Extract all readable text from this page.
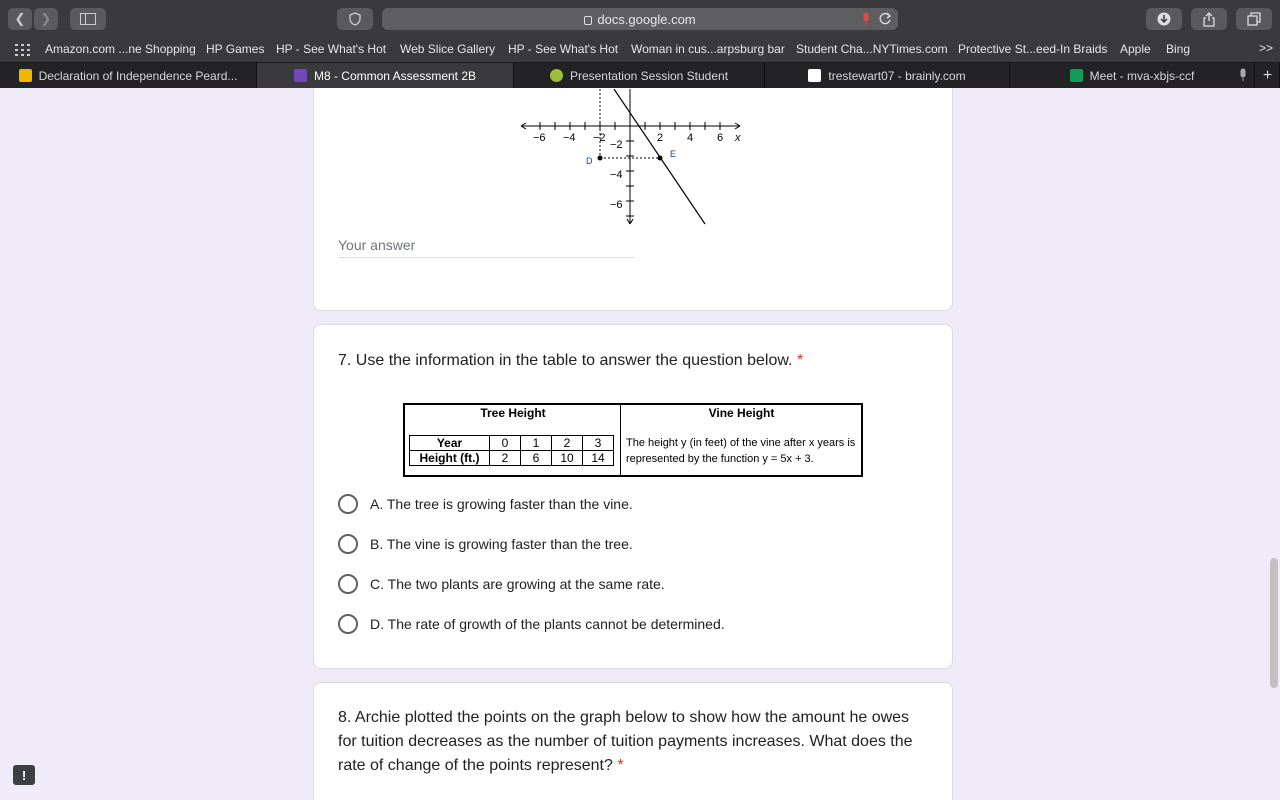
❮	❯	docs.google.com
Amazon.com ...ne Shopping HP Games HP - See What's Hot Web Slice Gallery HP - See What's Hot Woman in cus...arpsburg bar Student Cha...NYTimes.com Protective St...eed-In Braids Apple Bing	>>
Declaration of Independence Peard...	M8 - Common Assessment 2B	Presentation Session Student	trestewart07 - brainly.com	Meet - mva-xbjs-ccf	+
−6 −4 −2	2 4 6 x
−2
−4
−6
D
E
Your answer
7. Use the information in the table to answer the question below. *
Tree Height
Year	0	1	2	3
Height (ft.)	2	6	10	14
Vine Height
The height y (in feet) of the vine after x years is
represented by the function y = 5x + 3.
A. The tree is growing faster than the vine.
B. The vine is growing faster than the tree.
C. The two plants are growing at the same rate.
D. The rate of growth of the plants cannot be determined.
8. Archie plotted the points on the graph below to show how the amount he owes for tuition decreases as the number of tuition payments increases. What does the rate of change of the points represent? *
!
